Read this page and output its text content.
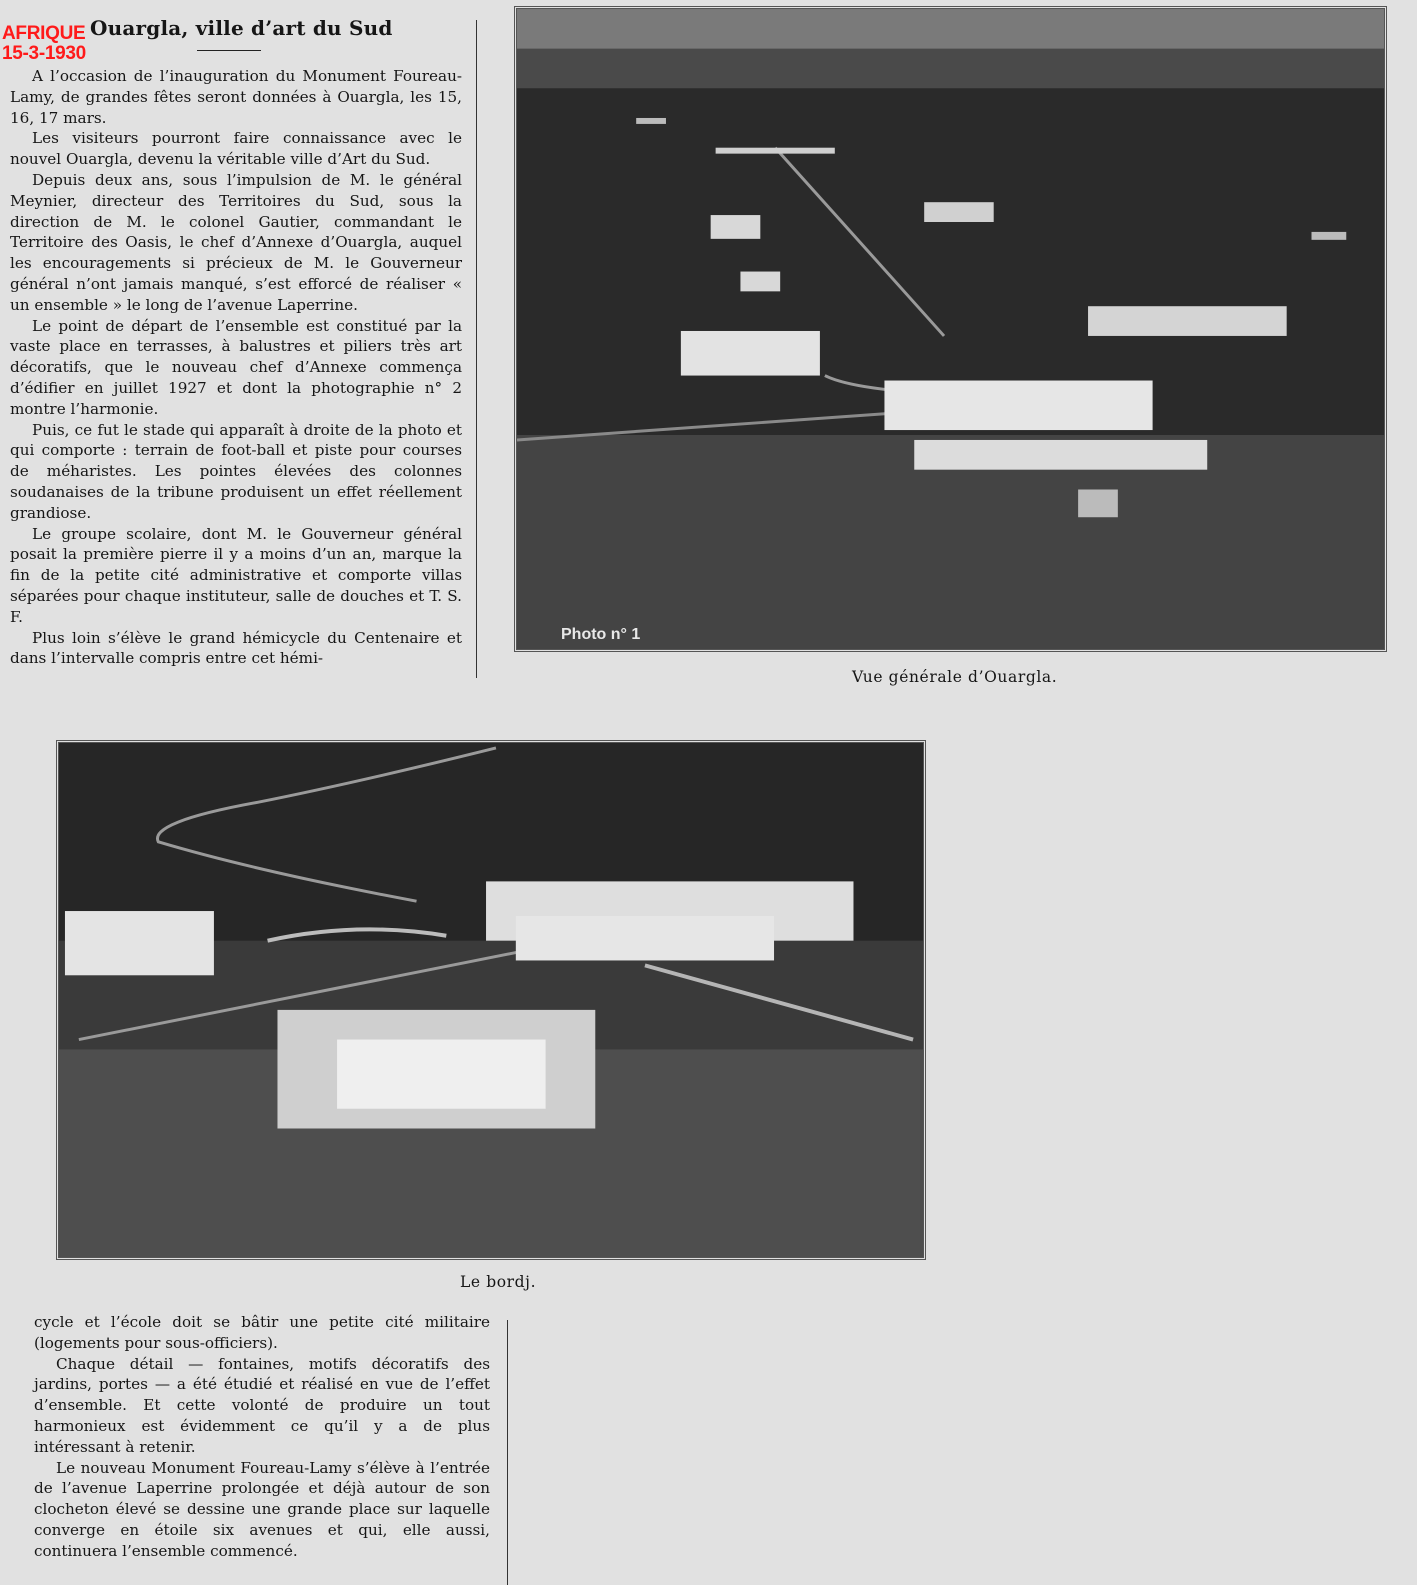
AFRIQUE
15-3-1930
Ouargla, ville d’art du Sud

A l’occasion de l’inauguration du Monument Foureau-Lamy, de grandes fêtes seront données à Ouargla, les 15, 16, 17 mars.

Les visiteurs pourront faire connaissance avec le nouvel Ouargla, devenu la véritable ville d’Art du Sud.

Depuis deux ans, sous l’impulsion de M. le général Meynier, directeur des Territoires du Sud, sous la direction de M. le colonel Gautier, commandant le Territoire des Oasis, le chef d’Annexe d’Ouargla, auquel les encouragements si précieux de M. le Gouverneur général n’ont jamais manqué, s’est efforcé de réaliser « un ensemble » le long de l’avenue Laperrine.

Le point de départ de l’ensemble est constitué par la vaste place en terrasses, à balustres et piliers très art décoratifs, que le nouveau chef d’Annexe commença d’édifier en juillet 1927 et dont la photographie n° 2 montre l’harmonie.

Puis, ce fut le stade qui apparaît à droite de la photo et qui comporte : terrain de foot-ball et piste pour courses de méharistes. Les pointes élevées des colonnes soudanaises de la tribune produisent un effet réellement grandiose.

Le groupe scolaire, dont M. le Gouverneur général posait la première pierre il y a moins d’un an, marque la fin de la petite cité administrative et comporte villas séparées pour chaque instituteur, salle de douches et T. S. F.

Plus loin s’élève le grand hémicycle du Centenaire et dans l’intervalle compris entre cet hémi-

Photo n° 1
Vue générale d’Ouargla.
Le bordj.

cycle et l’école doit se bâtir une petite cité militaire (logements pour sous-officiers).

Chaque détail — fontaines, motifs décoratifs des jardins, portes — a été étudié et réalisé en vue de l’effet d’ensemble. Et cette volonté de produire un tout harmonieux est évidemment ce qu’il y a de plus intéressant à retenir.

Le nouveau Monument Foureau-Lamy s’élève à l’entrée de l’avenue Laperrine prolongée et déjà autour de son clocheton élevé se dessine une grande place sur laquelle converge en étoile six avenues et qui, elle aussi, continuera l’ensemble commencé.
